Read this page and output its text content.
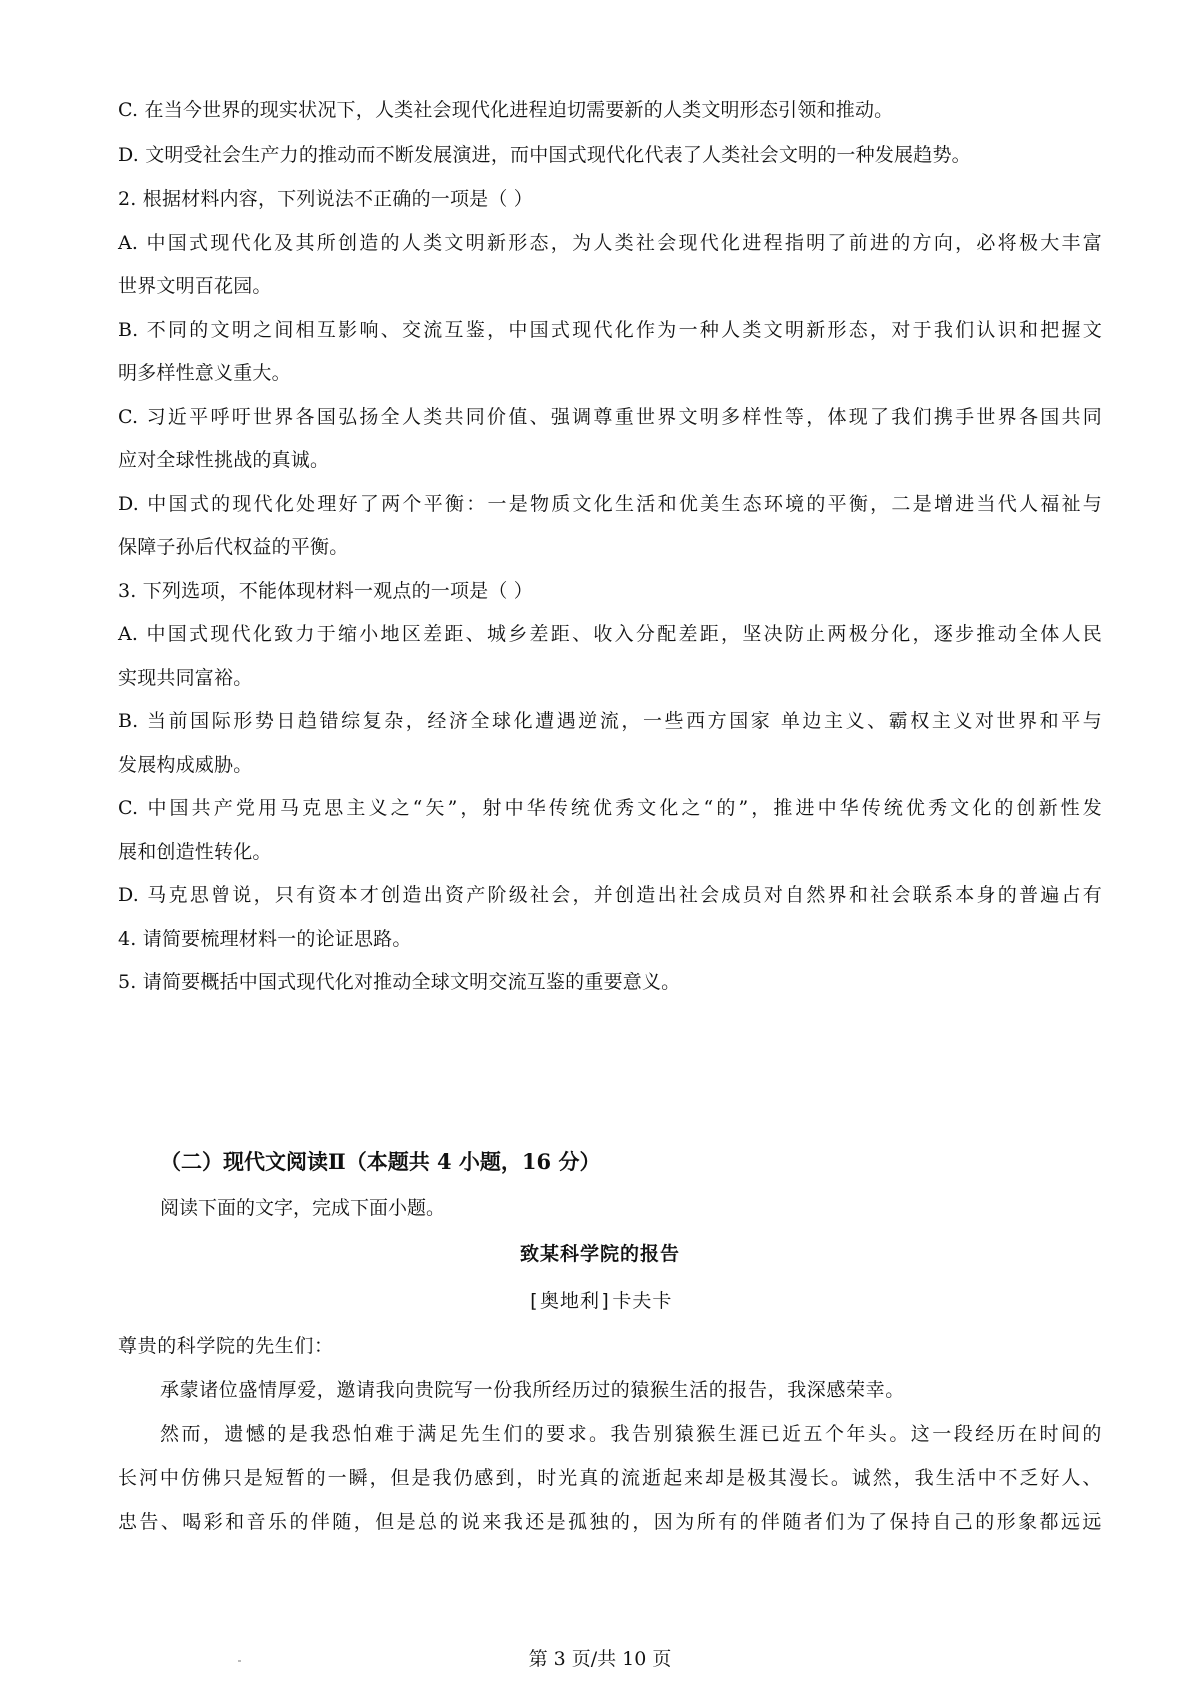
C. 在当今世界的现实状况下，人类社会现代化进程迫切需要新的人类文明形态引领和推动。
D. 文明受社会生产力的推动而不断发展演进，而中国式现代化代表了人类社会文明的一种发展趋势。
2. 根据材料内容，下列说法不正确的一项是（ ）
A. 中国式现代化及其所创造的人类文明新形态，为人类社会现代化进程指明了前进的方向，必将极大丰富
世界文明百花园。
B. 不同的文明之间相互影响、交流互鉴，中国式现代化作为一种人类文明新形态，对于我们认识和把握文
明多样性意义重大。
C. 习近平呼吁世界各国弘扬全人类共同价值、强调尊重世界文明多样性等，体现了我们携手世界各国共同
应对全球性挑战的真诚。
D. 中国式的现代化处理好了两个平衡：一是物质文化生活和优美生态环境的平衡，二是增进当代人福祉与
保障子孙后代权益的平衡。
3. 下列选项，不能体现材料一观点的一项是（ ）
A. 中国式现代化致力于缩小地区差距、城乡差距、收入分配差距，坚决防止两极分化，逐步推动全体人民
实现共同富裕。
B. 当前国际形势日趋错综复杂，经济全球化遭遇逆流，一些西方国家 单边主义、霸权主义对世界和平与
发展构成威胁。
C. 中国共产党用马克思主义之“矢”，射中华传统优秀文化之“的”，推进中华传统优秀文化的创新性发
展和创造性转化。
D. 马克思曾说，只有资本才创造出资产阶级社会，并创造出社会成员对自然界和社会联系本身的普遍占有
4. 请简要梳理材料一的论证思路。
5. 请简要概括中国式现代化对推动全球文明交流互鉴的重要意义。
（二）现代文阅读Ⅱ（本题共 4 小题，16 分）
阅读下面的文字，完成下面小题。
致某科学院的报告
[奥地利]卡夫卡
尊贵的科学院的先生们：
承蒙诸位盛情厚爱，邀请我向贵院写一份我所经历过的猿猴生活的报告，我深感荣幸。
然而，遗憾的是我恐怕难于满足先生们的要求。我告别猿猴生涯已近五个年头。这一段经历在时间的
长河中仿佛只是短暂的一瞬，但是我仍感到，时光真的流逝起来却是极其漫长。诚然，我生活中不乏好人、
忠告、喝彩和音乐的伴随，但是总的说来我还是孤独的，因为所有的伴随者们为了保持自己的形象都远远
第 3 页/共 10 页
